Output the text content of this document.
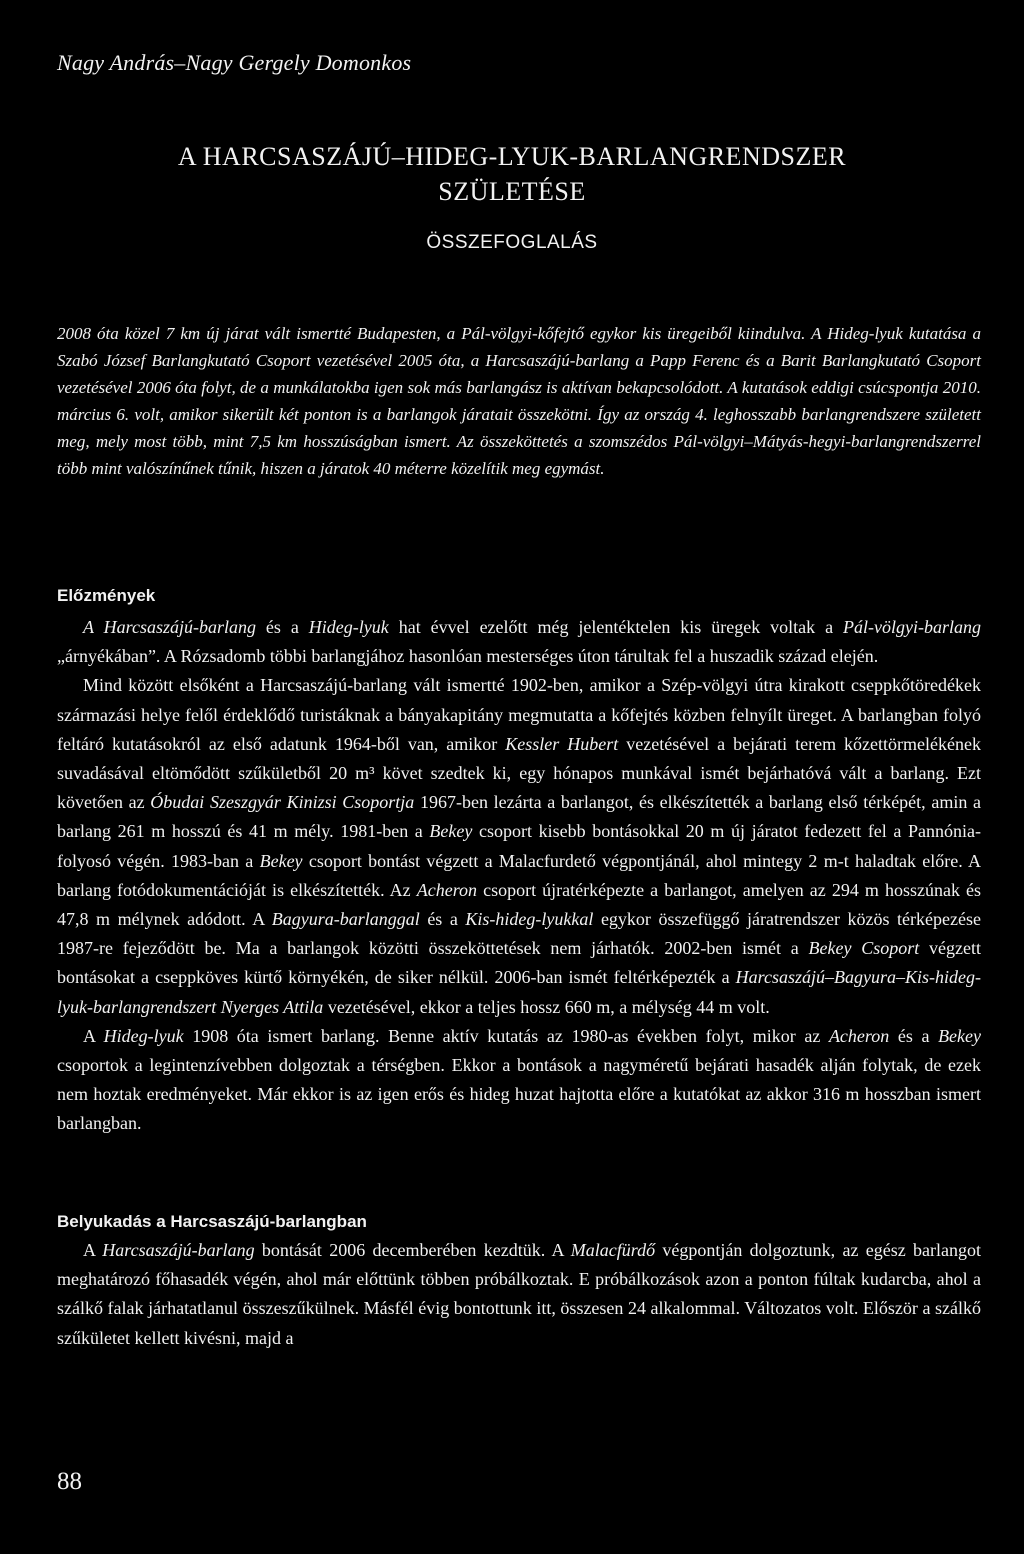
Nagy András–Nagy Gergely Domonkos
A HARCSASZÁJÚ–HIDEG-LYUK-BARLANGRENDSZER
SZÜLETÉSE
ÖSSZEFOGLALÁS

2008 óta közel 7 km új járat vált ismertté Budapesten, a Pál-völgyi-kőfejtő egykor kis üregeiből kiindulva. A Hideg-lyuk kutatása a Szabó József Barlangkutató Csoport vezetésével 2005 óta, a Harcsaszájú-barlang a Papp Ferenc és a Barit Barlangkutató Csoport vezetésével 2006 óta folyt, de a munkálatokba igen sok más barlangász is aktívan bekapcsolódott. A kutatások eddigi csúcspontja 2010. március 6. volt, amikor sikerült két ponton is a barlangok járatait összekötni. Így az ország 4. leghosszabb barlangrendszere született meg, mely most több, mint 7,5 km hosszúságban ismert. Az összeköttetés a szomszédos Pál-völgyi–Mátyás-hegyi-barlangrendszerrel több mint valószínűnek tűnik, hiszen a járatok 40 méterre közelítik meg egymást.

Előzmények

A Harcsaszájú-barlang és a Hideg-lyuk hat évvel ezelőtt még jelentéktelen kis üregek voltak a Pál-völgyi-barlang „árnyékában”. A Rózsadomb többi barlangjához hasonlóan mesterséges úton tárultak fel a huszadik század elején.

Mind között elsőként a Harcsaszájú-barlang vált ismertté 1902-ben, amikor a Szép-völgyi útra kirakott cseppkőtöredékek származási helye felől érdeklődő turistáknak a bányakapitány megmutatta a kőfejtés közben felnyílt üreget. A barlangban folyó feltáró kutatásokról az első adatunk 1964-ből van, amikor Kessler Hubert vezetésével a bejárati terem kőzettörmelékének suvadásával eltömődött szűkületből 20 m³ követ szedtek ki, egy hónapos munkával ismét bejárhatóvá vált a barlang. Ezt követően az Óbudai Szeszgyár Kinizsi Csoportja 1967-ben lezárta a barlangot, és elkészítették a barlang első térképét, amin a barlang 261 m hosszú és 41 m mély. 1981-ben a Bekey csoport kisebb bontásokkal 20 m új járatot fedezett fel a Pannónia-folyosó végén. 1983-ban a Bekey csoport bontást végzett a Malacfurdető végpontjánál, ahol mintegy 2 m-t haladtak előre. A barlang fotódokumentációját is elkészítették. Az Acheron csoport újratérképezte a barlangot, amelyen az 294 m hosszúnak és 47,8 m mélynek adódott. A Bagyura-barlanggal és a Kis-hideg-lyukkal egykor összefüggő járatrendszer közös térképezése 1987-re fejeződött be. Ma a barlangok közötti összeköttetések nem járhatók. 2002-ben ismét a Bekey Csoport végzett bontásokat a cseppköves kürtő környékén, de siker nélkül. 2006-ban ismét feltérképezték a Harcsaszájú–Bagyura–Kis-hideg-lyuk-barlangrendszert Nyerges Attila vezetésével, ekkor a teljes hossz 660 m, a mélység 44 m volt.

A Hideg-lyuk 1908 óta ismert barlang. Benne aktív kutatás az 1980-as években folyt, mikor az Acheron és a Bekey csoportok a legintenzívebben dolgoztak a térségben. Ekkor a bontások a nagyméretű bejárati hasadék alján folytak, de ezek nem hoztak eredményeket. Már ekkor is az igen erős és hideg huzat hajtotta előre a kutatókat az akkor 316 m hosszban ismert barlangban.

Belyukadás a Harcsaszájú-barlangban

A Harcsaszájú-barlang bontását 2006 decemberében kezdtük. A Malacfürdő végpontján dolgoztunk, az egész barlangot meghatározó főhasadék végén, ahol már előttünk többen próbálkoztak. E próbálkozások azon a ponton fúltak kudarcba, ahol a szálkő falak járhatatlanul összeszűkülnek. Másfél évig bontottunk itt, összesen 24 alkalommal. Változatos volt. Először a szálkő szűkületet kellett kivésni, majd a

88
